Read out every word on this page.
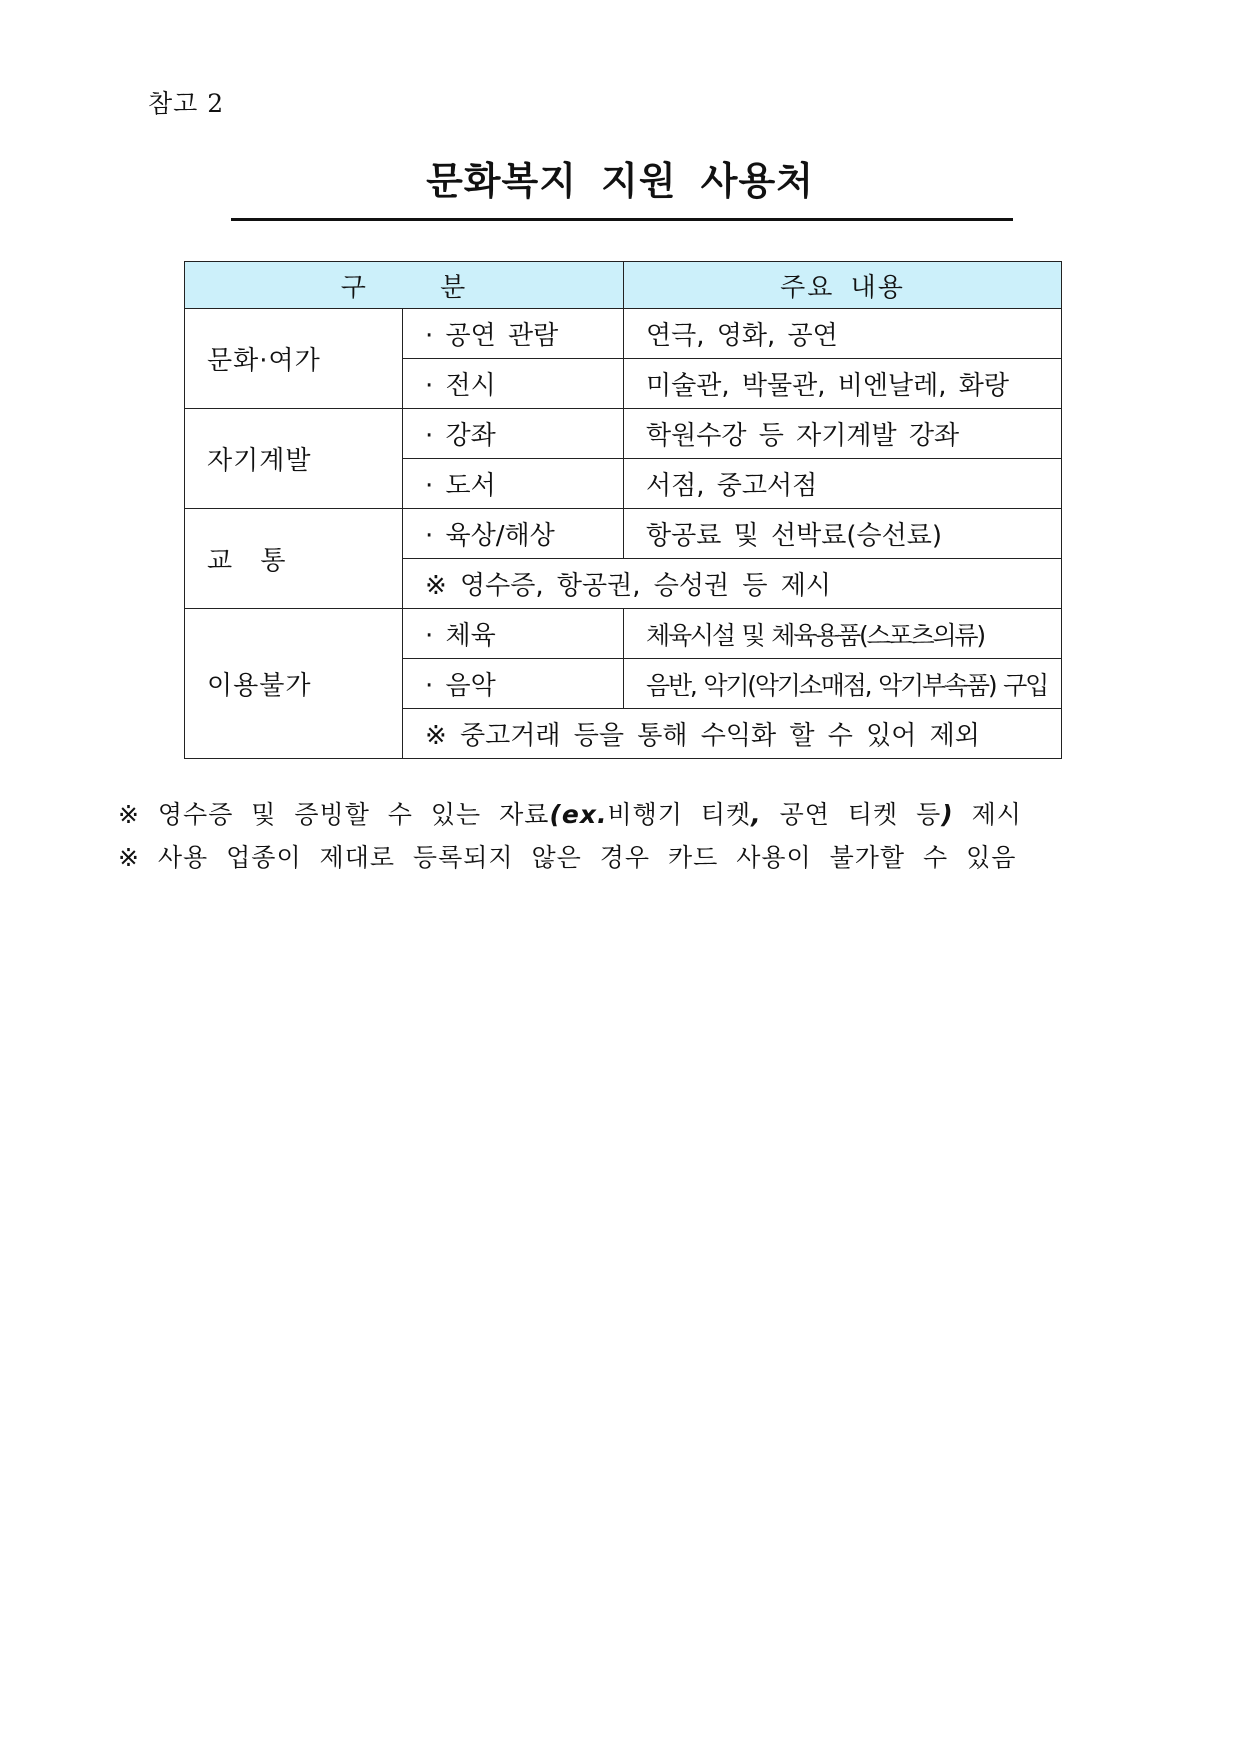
참고 2
문화복지 지원 사용처
구 분		주요 내용
문화·여가	· 공연 관람	연극, 영화, 공연
	· 전시	미술관, 박물관, 비엔날레, 화랑
자기계발	· 강좌	학원수강 등 자기계발 강좌
	· 도서	서점, 중고서점
교 통	· 육상/해상	항공료 및 선박료(승선료)
	※ 영수증, 항공권, 승성권 등 제시	
이용불가	· 체육	체육시설 및 체육용품(스포츠의류)
	· 음악	음반, 악기(악기소매점, 악기부속품) 구입
	※ 중고거래 등을 통해 수익화 할 수 있어 제외	
※ 영수증 및 증빙할 수 있는 자료(ex.비행기 티켓, 공연 티켓 등) 제시
※ 사용 업종이 제대로 등록되지 않은 경우 카드 사용이 불가할 수 있음
